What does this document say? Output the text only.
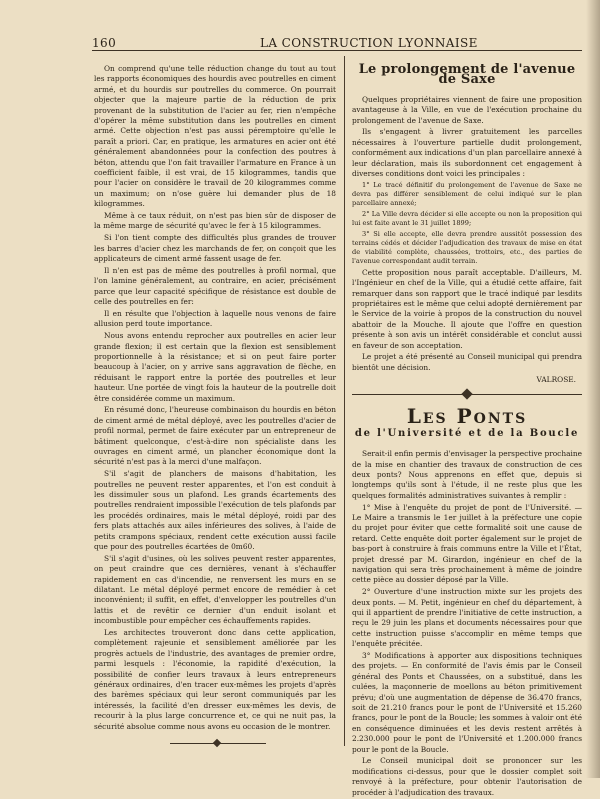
160	LA CONSTRUCTION LYONNAISE

On comprend qu'une telle réduction change du tout au tout les rapports économiques des hourdis avec poutrelles en ciment armé, et du hourdis sur poutrelles du commerce. On pourrait objecter que la majeure partie de la réduction de prix provenant de la substitution de l'acier au fer, rien n'empêche d'opérer la même substitution dans les poutrelles en ciment armé. Cette objection n'est pas aussi péremptoire qu'elle le paraît a priori. Car, en pratique, les armatures en acier ont été généralement abandonnées pour la confection des poutres à béton, attendu que l'on fait travailler l'armature en France à un coefficient faible, il est vrai, de 15 kilogrammes, tandis que pour l'acier on considère le travail de 20 kilogrammes comme un maximum; on n'ose guère lui demander plus de 18 kilogrammes.

Même à ce taux réduit, on n'est pas bien sûr de disposer de la même marge de sécurité qu'avec le fer à 15 kilogrammes.

Si l'on tient compte des difficultés plus grandes de trouver les barres d'acier chez les marchands de fer, on conçoit que les applicateurs de ciment armé fassent usage de fer.

Il n'en est pas de même des poutrelles à profil normal, que l'on lamine généralement, au contraire, en acier, précisément parce que leur capacité spécifique de résistance est double de celle des poutrelles en fer:

Il en résulte que l'objection à laquelle nous venons de faire allusion perd toute importance.

Nous avons entendu reprocher aux poutrelles en acier leur grande flexion; il est certain que la flexion est sensiblement proportionnelle à la résistance; et si on peut faire porter beaucoup à l'acier, on y arrive sans aggravation de flèche, en réduisant le rapport entre la portée des poutrelles et leur hauteur. Une portée de vingt fois la hauteur de la poutrelle doit être considérée comme un maximum.

En résumé donc, l'heureuse combinaison du hourdis en béton de ciment armé de métal déployé, avec les poutrelles d'acier de profil normal, permet de faire exécuter par un entrepreneur de bâtiment quelconque, c'est-à-dire non spécialiste dans les ouvrages en ciment armé, un plancher économique dont la sécurité n'est pas à la merci d'une malfaçon.

S'il s'agit de planchers de maisons d'habitation, les poutrelles ne peuvent rester apparentes, et l'on est conduit à les dissimuler sous un plafond. Les grands écartements des poutrelles rendraient impossible l'exécution de tels plafonds par les procédés ordinaires, mais le métal déployé, roidi par des fers plats attachés aux ailes inférieures des solives, à l'aide de petits crampons spéciaux, rendent cette exécution aussi facile que pour des poutrelles écartées de 0m60.

S'il s'agit d'usines, où les solives peuvent rester apparentes, on peut craindre que ces dernières, venant à s'échauffer rapidement en cas d'incendie, ne renversent les murs en se dilatant. Le métal déployé permet encore de remédier à cet inconvénient; il suffit, en effet, d'envelopper les poutrelles d'un lattis et de revêtir ce dernier d'un enduit isolant et incombustible pour empêcher ces échauffements rapides.

Les architectes trouveront donc dans cette application, complètement rajeunie et sensiblement améliorée par les progrès actuels de l'industrie, des avantages de premier ordre, parmi lesquels : l'économie, la rapidité d'exécution, la possibilité de confier leurs travaux à leurs entrepreneurs généraux ordinaires, d'en tracer eux-mêmes les projets d'après des barèmes spéciaux qui leur seront communiqués par les intéressés, la facilité d'en dresser eux-mêmes les devis, de recourir à la plus large concurrence et, ce qui ne nuit pas, la sécurité absolue comme nous avons eu occasion de le montrer.

Le prolongement de l'avenue de Saxe

Quelques propriétaires viennent de faire une proposition avantageuse à la Ville, en vue de l'exécution prochaine du prolongement de l'avenue de Saxe.

Ils s'engagent à livrer gratuitement les parcelles nécessaires à l'ouverture partielle dudit prolongement, conformément aux indications d'un plan parcellaire annexé à leur déclaration, mais ils subordonnent cet engagement à diverses conditions dont voici les principales :

1° Le tracé définitif du prolongement de l'avenue de Saxe ne devra pas différer sensiblement de celui indiqué sur le plan parcellaire annexé;

2° La Ville devra décider si elle accepte ou non la proposition qui lui est faite avant le 31 juillet 1899;

3° Si elle accepte, elle devra prendre aussitôt possession des terrains cédés et décider l'adjudication des travaux de mise en état de viabilité complète, chaussées, trottoirs, etc., des parties de l'avenue correspondant audit terrain.

Cette proposition nous paraît acceptable. D'ailleurs, M. l'Ingénieur en chef de la Ville, qui a étudié cette affaire, fait remarquer dans son rapport que le tracé indiqué par lesdits propriétaires est le même que celui adopté dernièrement par le Service de la voirie à propos de la construction du nouvel abattoir de la Mouche. Il ajoute que l'offre en question présente à son avis un intérêt considérable et conclut aussi en faveur de son acceptation.

Le projet a été présenté au Conseil municipal qui prendra bientôt une décision.

VALROSE.
Les Ponts
de l'Université et de la Boucle

Serait-il enfin permis d'envisager la perspective prochaine de la mise en chantier des travaux de construction de ces deux ponts? Nous apprenons en effet que, depuis si longtemps qu'ils sont à l'étude, il ne reste plus que les quelques formalités administratives suivantes à remplir :

1° Mise à l'enquête du projet de pont de l'Université. — Le Maire a transmis le 1er juillet à la préfecture une copie du projet pour éviter que cette formalité soit une cause de retard. Cette enquête doit porter également sur le projet de bas-port à construire à frais communs entre la Ville et l'État, projet dressé par M. Girardon, ingénieur en chef de la navigation qui sera très prochainement à même de joindre cette pièce au dossier déposé par la Ville.

2° Ouverture d'une instruction mixte sur les projets des deux ponts. — M. Petit, ingénieur en chef du département, à qui il appartient de prendre l'initiative de cette instruction, a reçu le 29 juin les plans et documents nécessaires pour que cette instruction puisse s'accomplir en même temps que l'enquête précitée.

3° Modifications à apporter aux dispositions techniques des projets. — En conformité de l'avis émis par le Conseil général des Ponts et Chaussées, on a substitué, dans les culées, la maçonnerie de moellons au béton primitivement prévu; d'où une augmentation de dépense de 36.470 francs, soit de 21.210 francs pour le pont de l'Université et 15.260 francs, pour le pont de la Boucle; les sommes à valoir ont été en conséquence diminuées et les devis restent arrêtés à 2.230.000 pour le pont de l'Université et 1.200.000 francs pour le pont de la Boucle.

Le Conseil municipal doit se prononcer sur les modifications ci-dessus, pour que le dossier complet soit renvoyé à la préfecture, pour obtenir l'autorisation de procéder à l'adjudication des travaux.
